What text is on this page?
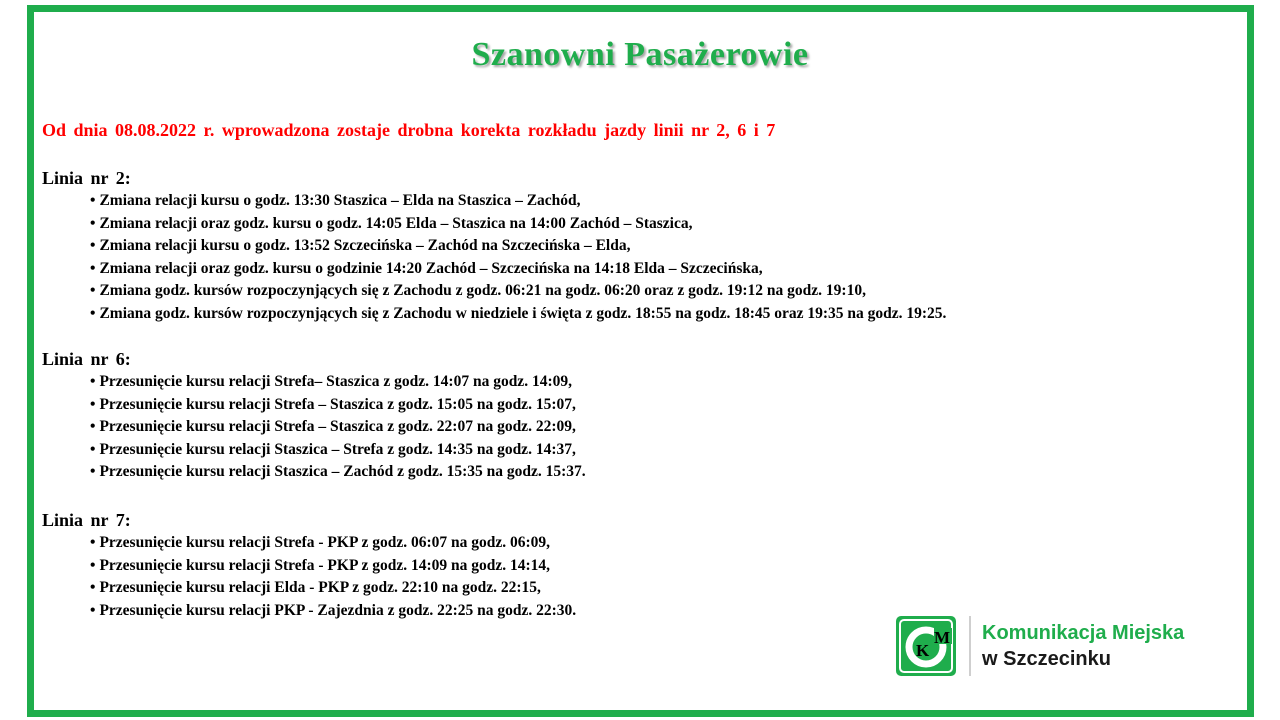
Szanowni Pasażerowie
Od dnia 08.08.2022 r. wprowadzona zostaje drobna korekta rozkładu jazdy linii nr 2, 6 i 7
Linia nr 2:
• Zmiana relacji kursu o godz. 13:30 Staszica – Elda na Staszica – Zachód,
• Zmiana relacji oraz godz. kursu o godz. 14:05 Elda – Staszica na 14:00 Zachód – Staszica,
• Zmiana relacji kursu o godz. 13:52 Szczecińska – Zachód na Szczecińska – Elda,
• Zmiana relacji oraz godz. kursu o godzinie 14:20 Zachód – Szczecińska na 14:18 Elda – Szczecińska,
• Zmiana godz. kursów rozpoczynjących się z Zachodu z godz. 06:21 na godz. 06:20 oraz z godz. 19:12 na godz. 19:10,
• Zmiana godz. kursów rozpoczynjących się z Zachodu w niedziele i święta z godz. 18:55 na godz. 18:45 oraz 19:35 na godz. 19:25.
Linia nr 6:
• Przesunięcie kursu relacji Strefa– Staszica z godz. 14:07 na godz. 14:09,
• Przesunięcie kursu relacji Strefa – Staszica z godz. 15:05 na godz. 15:07,
• Przesunięcie kursu relacji Strefa – Staszica z godz. 22:07 na godz. 22:09,
• Przesunięcie kursu relacji Staszica – Strefa z godz. 14:35 na godz. 14:37,
• Przesunięcie kursu relacji Staszica – Zachód z godz. 15:35 na godz. 15:37.
Linia nr 7:
• Przesunięcie kursu relacji Strefa - PKP z godz. 06:07 na godz. 06:09,
• Przesunięcie kursu relacji Strefa - PKP z godz. 14:09 na godz. 14:14,
• Przesunięcie kursu relacji Elda - PKP z godz. 22:10 na godz. 22:15,
• Przesunięcie kursu relacji PKP - Zajezdnia z godz. 22:25 na godz. 22:30.
M
K
Komunikacja Miejska
w Szczecinku
